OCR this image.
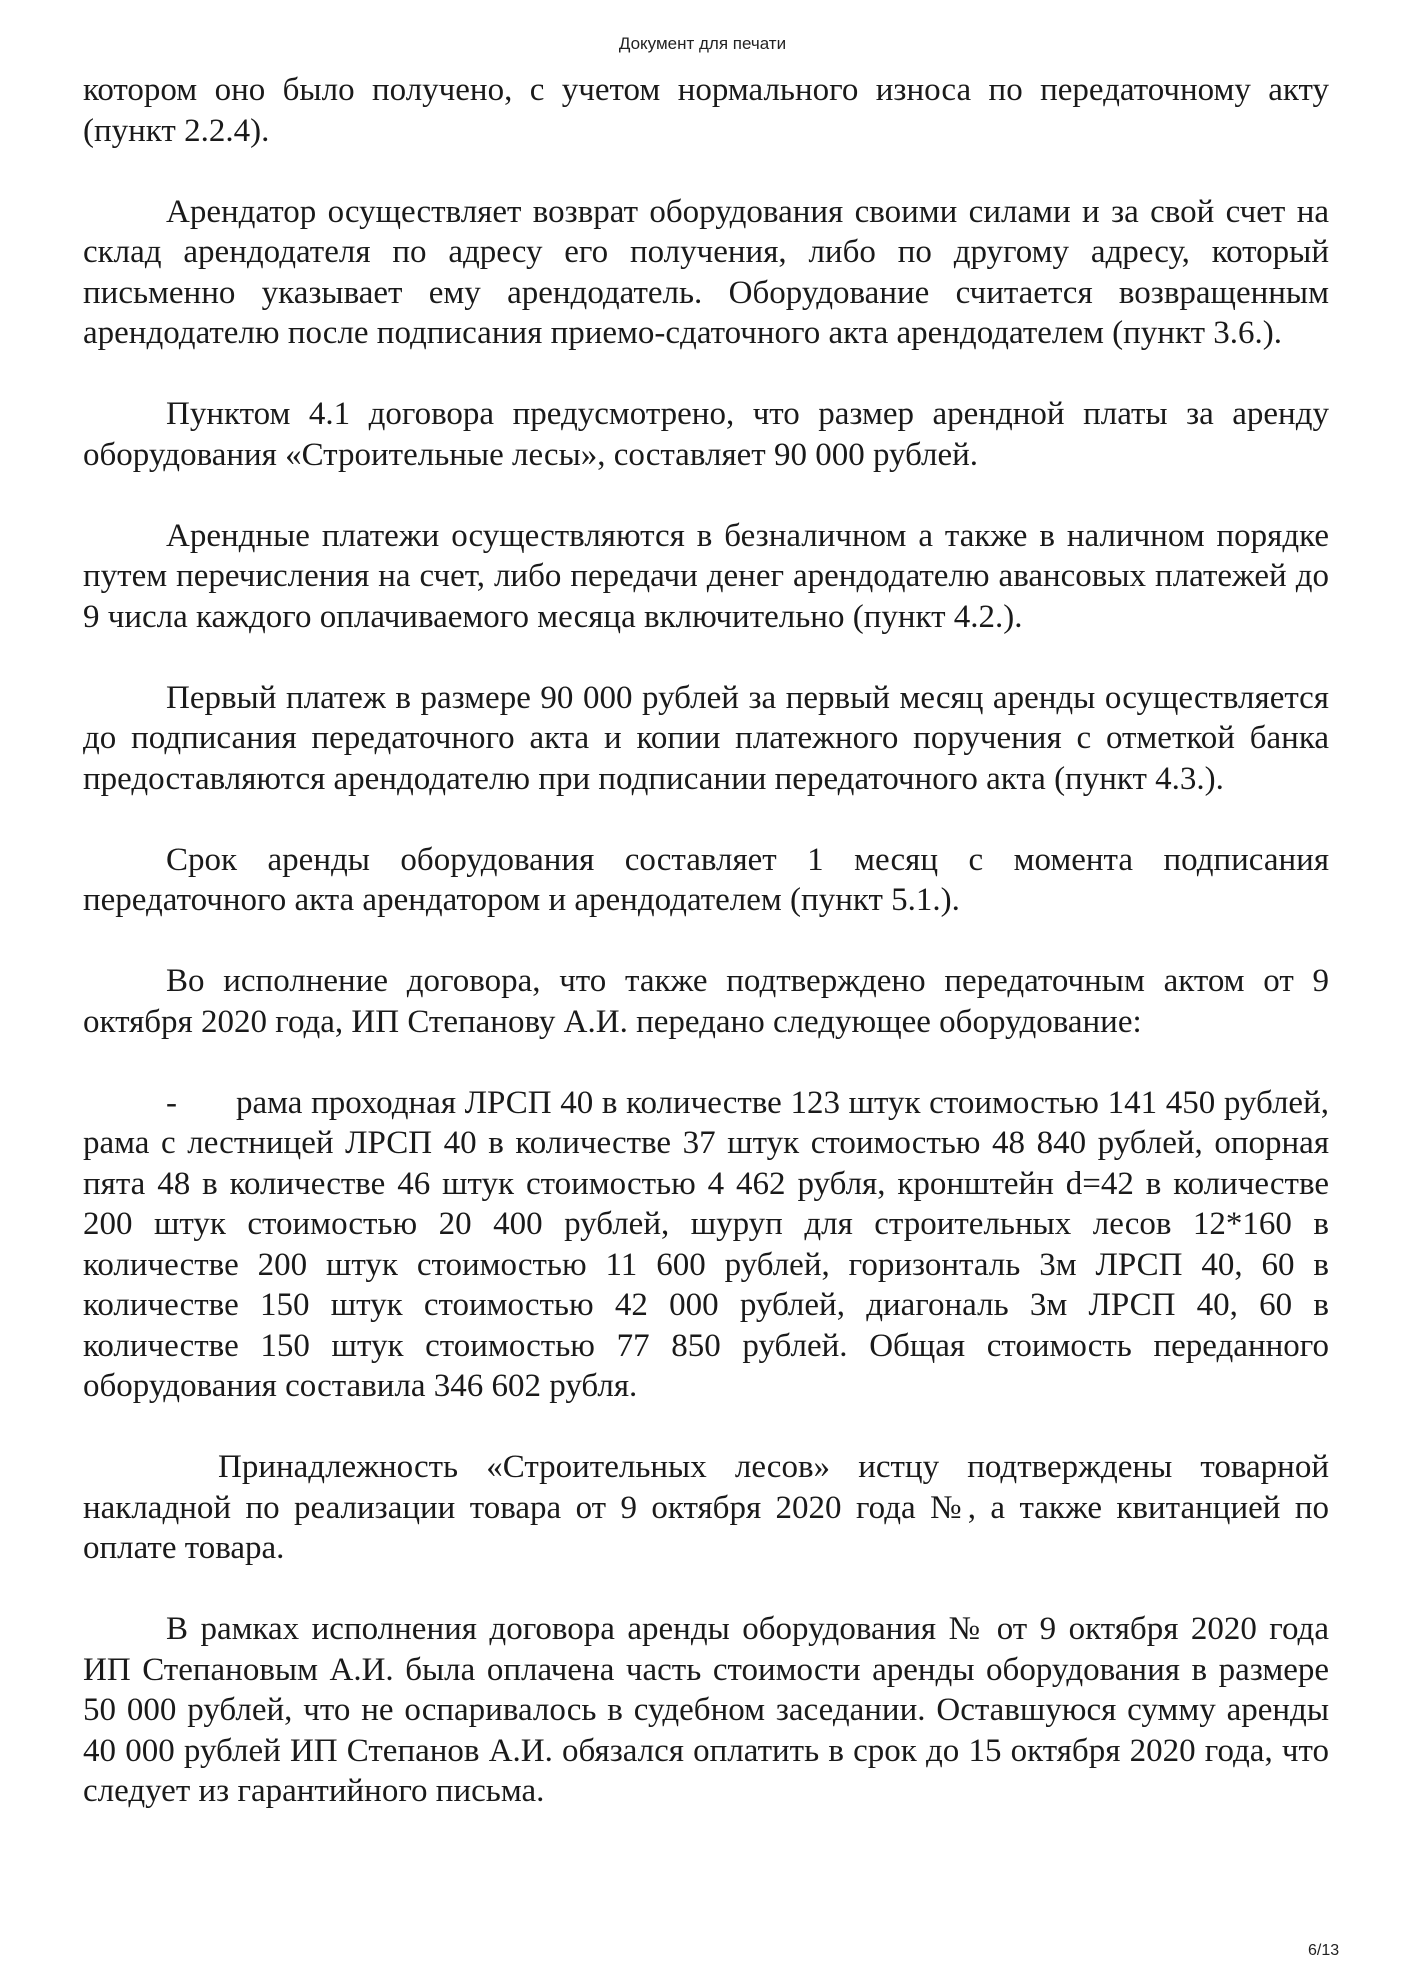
Документ для печати

котором оно было получено, с учетом нормального износа по передаточному акту (пункт 2.2.4).

Арендатор осуществляет возврат оборудования своими силами и за свой счет на склад арендодателя по адресу его получения, либо по другому адресу, который письменно указывает ему арендодатель. Оборудование считается возвращенным арендодателю после подписания приемо-сдаточного акта арендодателем (пункт 3.6.).

Пунктом 4.1 договора предусмотрено, что размер арендной платы за аренду оборудования «Строительные лесы», составляет 90 000 рублей.

Арендные платежи осуществляются в безналичном а также в наличном порядке путем перечисления на счет, либо передачи денег арендодателю авансовых платежей до 9 числа каждого оплачиваемого месяца включительно (пункт 4.2.).

Первый платеж в размере 90 000 рублей за первый месяц аренды осуществляется до подписания передаточного акта и копии платежного поручения с отметкой банка предоставляются арендодателю при подписании передаточного акта (пункт 4.3.).

Срок аренды оборудования составляет 1 месяц с момента подписания передаточного акта арендатором и арендодателем (пункт 5.1.).

Во исполнение договора, что также подтверждено передаточным актом от 9 октября 2020 года, ИП Степанову А.И. передано следующее оборудование:

- рама проходная ЛРСП 40 в количестве 123 штук стоимостью 141 450 рублей, рама с лестницей ЛРСП 40 в количестве 37 штук стоимостью 48 840 рублей, опорная пята 48 в количестве 46 штук стоимостью 4 462 рубля, кронштейн d=42 в количестве 200 штук стоимостью 20 400 рублей, шуруп для строительных лесов 12*160 в количестве 200 штук стоимостью 11 600 рублей, горизонталь 3м ЛРСП 40, 60 в количестве 150 штук стоимостью 42 000 рублей, диагональ 3м ЛРСП 40, 60 в количестве 150 штук стоимостью 77 850 рублей. Общая стоимость переданного оборудования составила 346 602 рубля.

Принадлежность «Строительных лесов» истцу подтверждены товарной накладной по реализации товара от 9 октября 2020 года №, а также квитанцией по оплате товара.

В рамках исполнения договора аренды оборудования № от 9 октября 2020 года ИП Степановым А.И. была оплачена часть стоимости аренды оборудования в размере 50 000 рублей, что не оспаривалось в судебном заседании. Оставшуюся сумму аренды 40 000 рублей ИП Степанов А.И. обязался оплатить в срок до 15 октября 2020 года, что следует из гарантийного письма.

6/13
